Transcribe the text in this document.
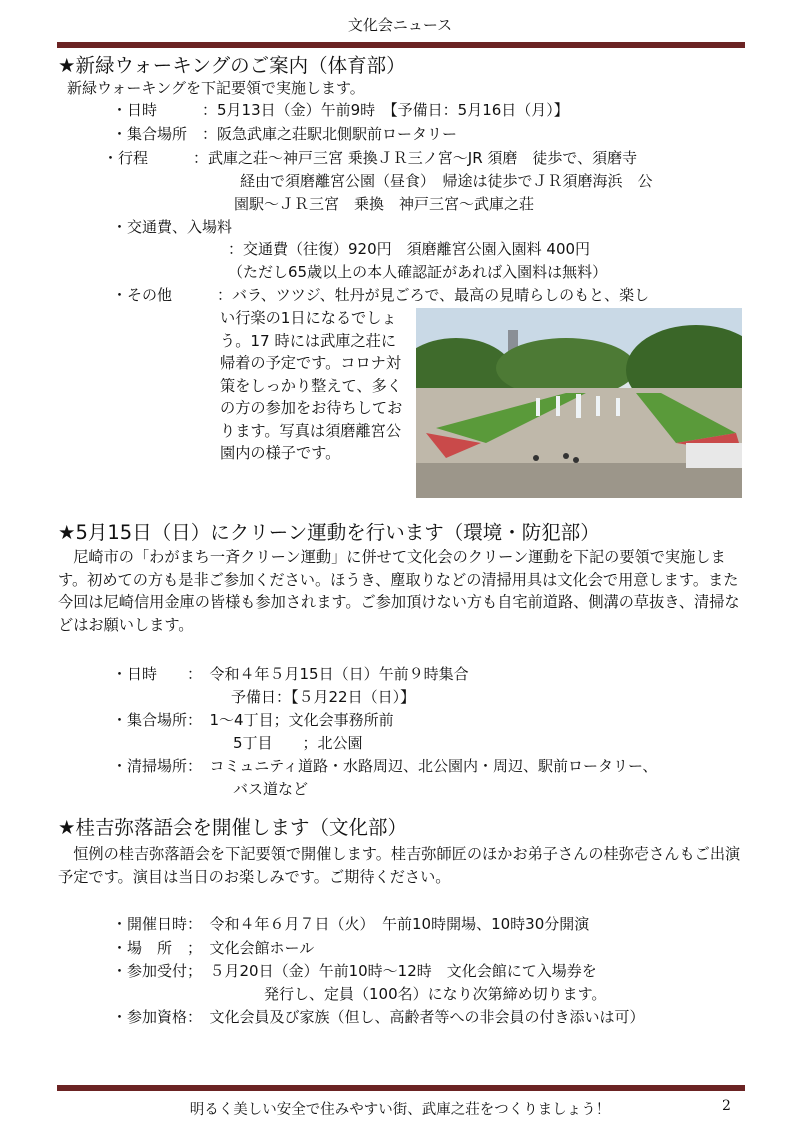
文化会ニュース
★新緑ウォーキングのご案内（体育部）
新緑ウォーキングを下記要領で実施します。
・日時　　　：5月13日（金）午前9時　【予備日：5月16日（月）】
・集合場所　：阪急武庫之荘駅北側駅前ロータリー
・行程　　　：武庫之荘～神戸三宮 乗換ＪＲ三ノ宮～JR 須磨　徒歩で、須磨寺
経由で須磨離宮公園（昼食）　帰途は徒歩でＪＲ須磨海浜　公
園駅～ＪＲ三宮　乗換　神戸三宮～武庫之荘
・交通費、入場料
：交通費（往復）920円　須磨離宮公園入園料 400円
（ただし65歳以上の本人確認証があれば入園料は無料）
・その他　　　：バラ、ツツジ、牡丹が見ごろで、最高の見晴らしのもと、楽し
い行楽の1日になるでしょう。17 時には武庫之荘に帰着の予定です。コロナ対策をしっかり整えて、多くの方の参加をお待ちしております。写真は須磨離宮公園内の様子です。
★5月15日（日）にクリーン運動を行います（環境・防犯部）
尼崎市の「わがまち一斉クリーン運動」に併せて文化会のクリーン運動を下記の要領で実施します。初めての方も是非ご参加ください。ほうき、塵取りなどの清掃用具は文化会で用意します。また今回は尼崎信用金庫の皆様も参加されます。ご参加頂けない方も自宅前道路、側溝の草抜き、清掃などはお願いします。
・日時　　：　令和４年５月15日（日）午前９時集合
予備日：【５月22日（日）】
・集合場所：　1～4丁目；文化会事務所前
5丁目　　；北公園
・清掃場所：　コミュニティ道路・水路周辺、北公園内・周辺、駅前ロータリー、
バス道など
★桂吉弥落語会を開催します（文化部）
恒例の桂吉弥落語会を下記要領で開催します。桂吉弥師匠のほかお弟子さんの桂弥壱さんもご出演予定です。演目は当日のお楽しみです。ご期待ください。
・開催日時：　令和４年６月７日（火）　午前10時開場、10時30分開演
・場　所　；　文化会館ホール
・参加受付；　５月20日（金）午前10時～12時　文化会館にて入場券を
発行し、定員（100名）になり次第締め切ります。
・参加資格：　文化会員及び家族（但し、高齢者等への非会員の付き添いは可）
明るく美しい安全で住みやすい街、武庫之荘をつくりましょう！	2
